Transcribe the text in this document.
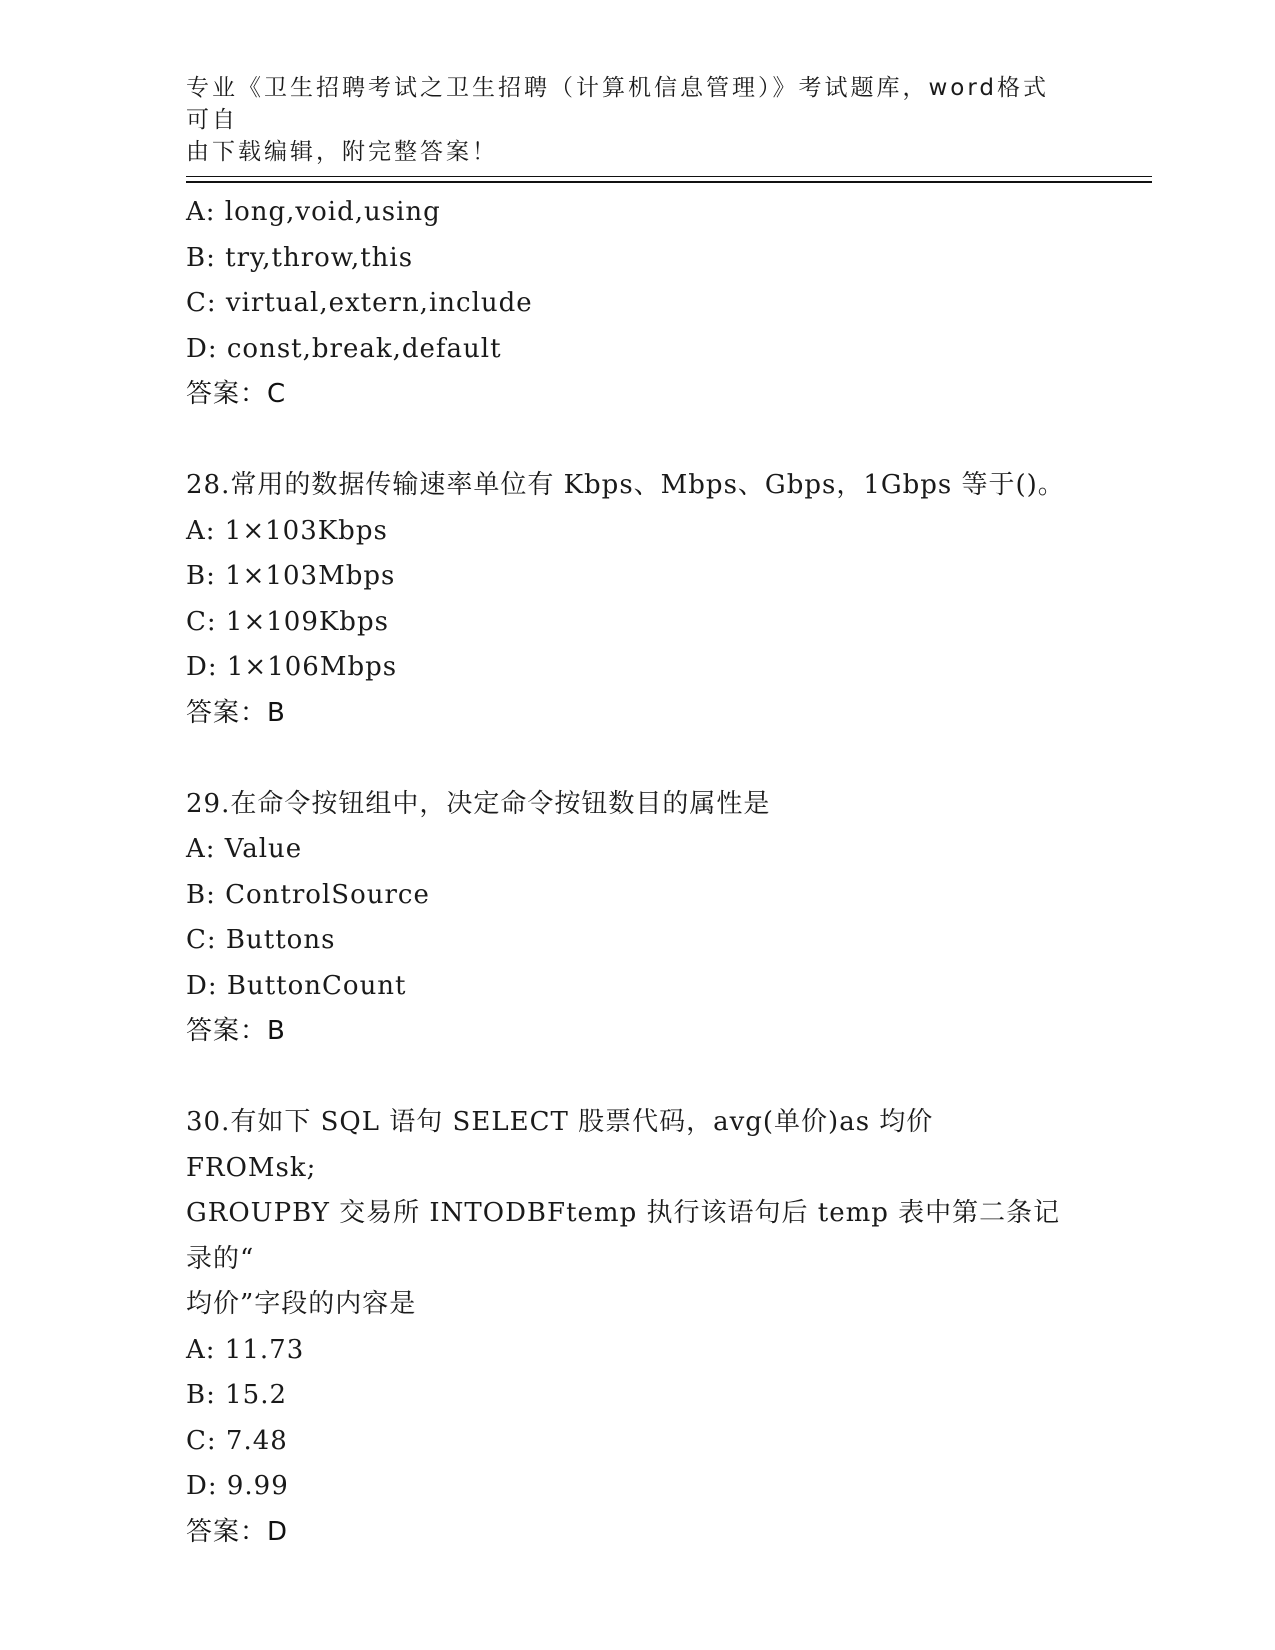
专业《卫生招聘考试之卫生招聘（计算机信息管理）》考试题库，word格式可自
由下载编辑，附完整答案！
A: long,void,using
B: try,throw,this
C: virtual,extern,include
D: const,break,default
答案：C
28.常用的数据传输速率单位有 Kbps、Mbps、Gbps，1Gbps 等于()。
A: 1×103Kbps
B: 1×103Mbps
C: 1×109Kbps
D: 1×106Mbps
答案：B
29.在命令按钮组中，决定命令按钮数目的属性是
A: Value
B: ControlSource
C: Buttons
D: ButtonCount
答案：B
30.有如下 SQL 语句 SELECT 股票代码，avg(单价)as 均价 FROMsk;
GROUPBY 交易所 INTODBFtemp 执行该语句后 temp 表中第二条记录的“
均价”字段的内容是
A: 11.73
B: 15.2
C: 7.48
D: 9.99
答案：D
